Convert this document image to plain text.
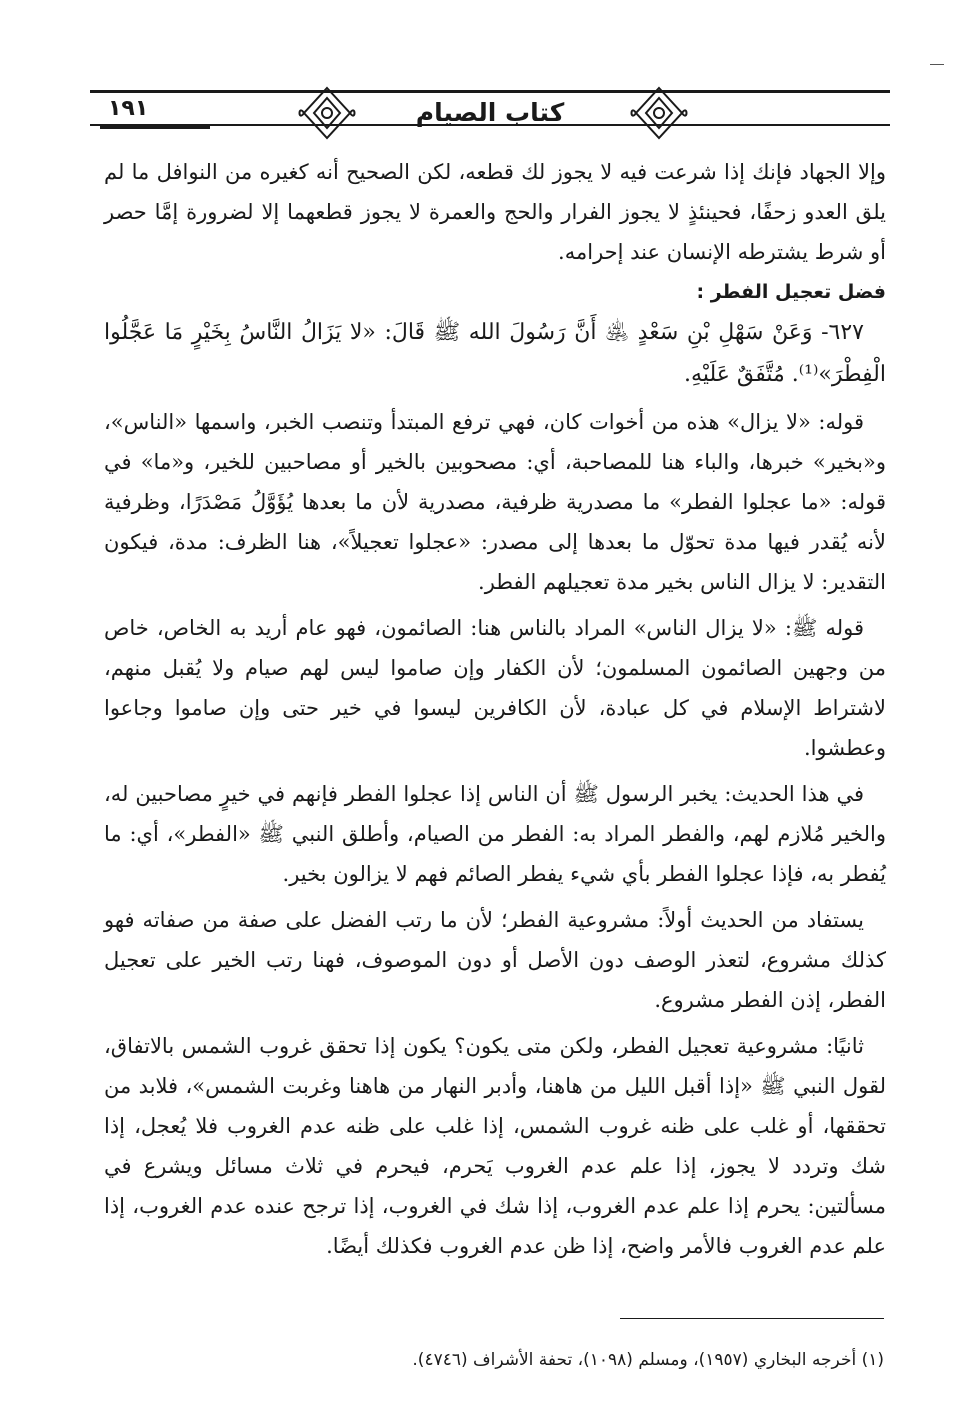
١٩١	كتاب الصيام

وإلا الجهاد فإنك إذا شرعت فيه لا يجوز لك قطعه، لكن الصحيح أنه كغيره من النوافل ما لم يلق العدو زحفًا، فحينئذٍ لا يجوز الفرار والحج والعمرة لا يجوز قطعهما إلا لضرورة إمَّا حصر أو شرط يشترطه الإنسان عند إحرامه.

فضل تعجيل الفطر :

٦٢٧- وَعَنْ سَهْلِ بْنِ سَعْدٍ ﵁ أَنَّ رَسُولَ الله ﷺ قَالَ: «لا يَزَالُ النَّاسُ بِخَيْرٍ مَا عَجَّلُوا الْفِطْرَ»⁽¹⁾. مُتَّفَقٌ عَلَيْهِ.

قوله: «لا يزال» هذه من أخوات كان، فهي ترفع المبتدأ وتنصب الخبر، واسمها «الناس»، و«بخير» خبرها، والباء هنا للمصاحبة، أي: مصحوبين بالخير أو مصاحبين للخير، و«ما» في قوله: «ما عجلوا الفطر» ما مصدرية ظرفية، مصدرية لأن ما بعدها يُؤَوَّلُ مَصْدَرًا، وظرفية لأنه يُقدر فيها مدة تحوّل ما بعدها إلى مصدر: «عجلوا تعجيلاً»، هنا الظرف: مدة، فيكون التقدير: لا يزال الناس بخير مدة تعجيلهم الفطر.

قوله ﷺ: «لا يزال الناس» المراد بالناس هنا: الصائمون، فهو عام أريد به الخاص، خاص من وجهين الصائمون المسلمون؛ لأن الكفار وإن صاموا ليس لهم صيام ولا يُقبل منهم، لاشتراط الإسلام في كل عبادة، لأن الكافرين ليسوا في خير حتى وإن صاموا وجاعوا وعطشوا.

في هذا الحديث: يخبر الرسول ﷺ أن الناس إذا عجلوا الفطر فإنهم في خيرٍ مصاحبين له، والخير مُلازم لهم، والفطر المراد به: الفطر من الصيام، وأطلق النبي ﷺ «الفطر»، أي: ما يُفطر به، فإذا عجلوا الفطر بأي شيء يفطر الصائم فهم لا يزالون بخير.

يستفاد من الحديث أولاً: مشروعية الفطر؛ لأن ما رتب الفضل على صفة من صفاته فهو كذلك مشروع، لتعذر الوصف دون الأصل أو دون الموصوف، فهنا رتب الخير على تعجيل الفطر، إذن الفطر مشروع.

ثانيًا: مشروعية تعجيل الفطر، ولكن متى يكون؟ يكون إذا تحقق غروب الشمس بالاتفاق، لقول النبي ﷺ «إذا أقبل الليل من هاهنا، وأدبر النهار من هاهنا وغربت الشمس»، فلابد من تحققها، أو غلب على ظنه غروب الشمس، إذا غلب على ظنه عدم الغروب فلا يُعجل، إذا شك وتردد لا يجوز، إذا علم عدم الغروب يَحرم، فيحرم في ثلاث مسائل ويشرع في مسألتين: يحرم إذا علم عدم الغروب، إذا شك في الغروب، إذا ترجح عنده عدم الغروب، إذا علم عدم الغروب فالأمر واضح، إذا ظن عدم الغروب فكذلك أيضًا.

(١) أخرجه البخاري (١٩٥٧)، ومسلم (١٠٩٨)، تحفة الأشراف (٤٧٤٦).
